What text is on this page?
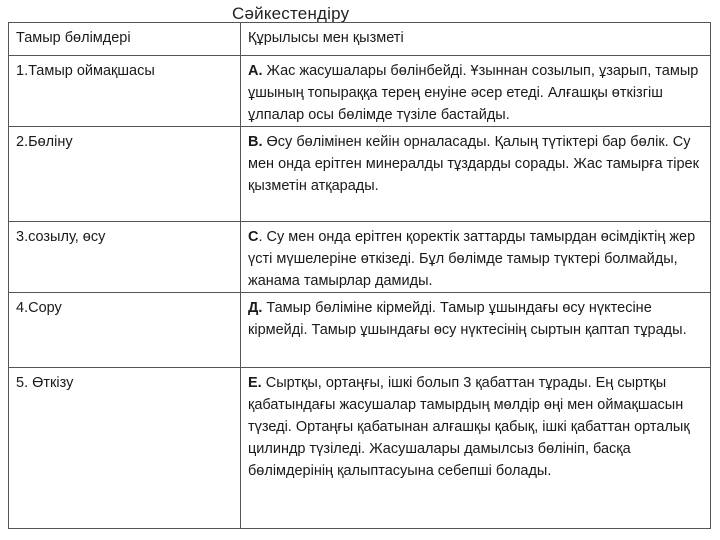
Сәйкестендіру
Тамыр бөлімдері	Құрылысы мен қызметі
1.Тамыр оймақшасы	А. Жас жасушалары бөлінбейді. Ұзыннан созылып, ұзарып, тамыр ұшының топыраққа терең енуіне әсер етеді. Алғашқы өткізгіш ұлпалар осы бөлімде түзіле бастайды.
2.Бөліну	В. Өсу бөлімінен кейін орналасады. Қалың түтіктері бар бөлік. Су мен онда ерітген минералды тұздарды сорады. Жас тамырға тірек қызметін атқарады.
3.созылу, өсу	С. Су мен онда ерітген қоректік заттарды тамырдан өсімдіктің жер үсті мүшелеріне өткізеді. Бұл бөлімде тамыр түктері болмайды, жанама тамырлар дамиды.
4.Сору	Д. Тамыр бөліміне кірмейді. Тамыр ұшындағы өсу нүктесіне кірмейді. Тамыр ұшындағы өсу нүктесінің сыртын қаптап тұрады.
5. Өткізу	Е. Сыртқы, ортаңғы, ішкі болып 3 қабаттан тұрады. Ең сыртқы қабатындағы жасушалар тамырдың мөлдір өңі мен оймақшасын түзеді. Ортаңғы қабатынан алғашқы қабық, ішкі қабаттан орталық цилиндр түзіледі. Жасушалары дамылсыз бөлініп, басқа бөлімдерінің қалыптасуына себепші болады.
